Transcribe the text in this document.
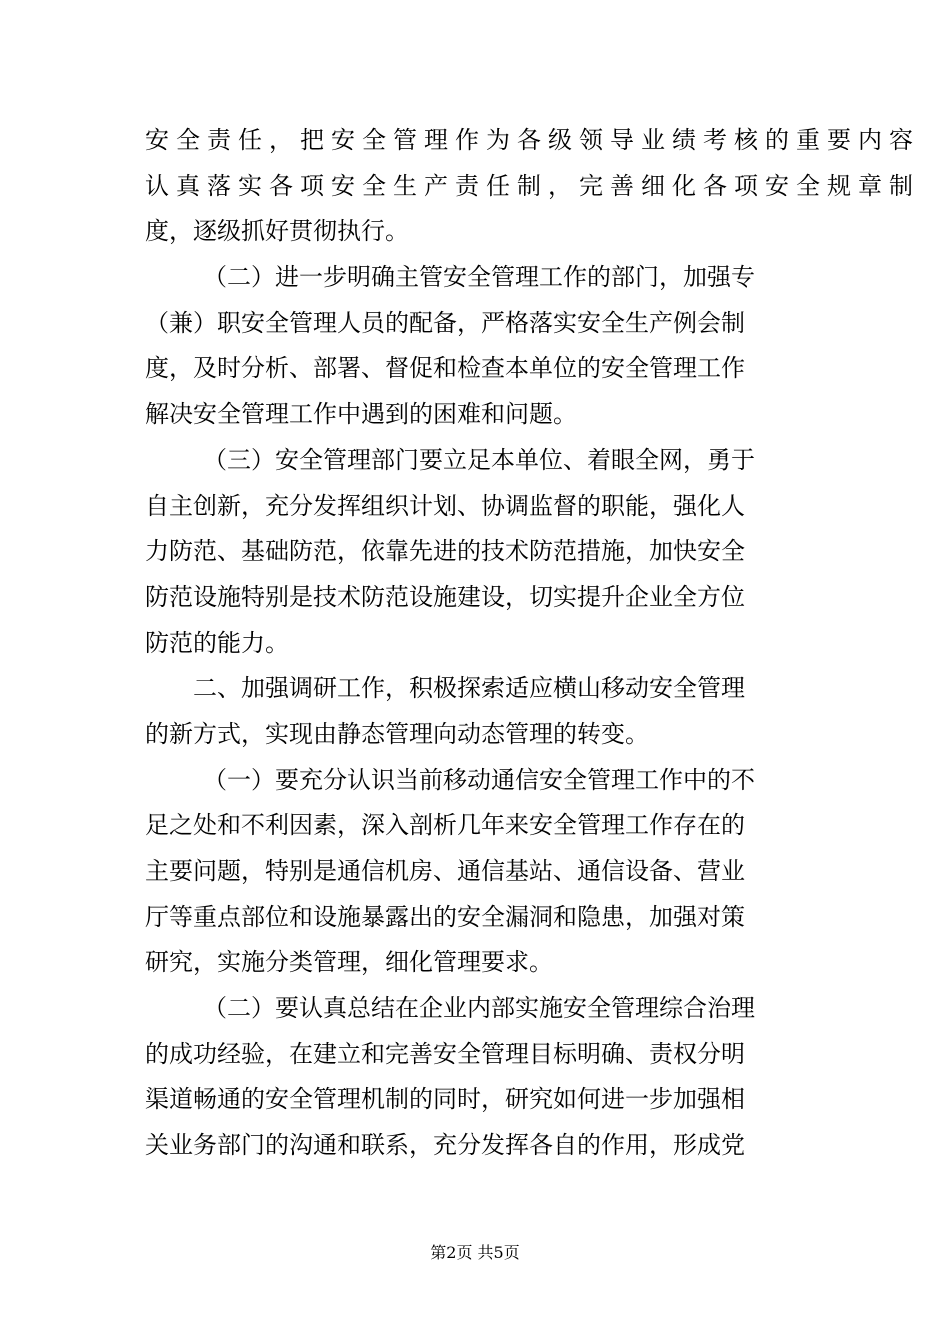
安全责任，把安全管理作为各级领导业绩考核的重要内容
认真落实各项安全生产责任制，完善细化各项安全规章制
度，逐级抓好贯彻执行。
（二）进一步明确主管安全管理工作的部门，加强专
（兼）职安全管理人员的配备，严格落实安全生产例会制
度，及时分析、部署、督促和检查本单位的安全管理工作
解决安全管理工作中遇到的困难和问题。
（三）安全管理部门要立足本单位、着眼全网，勇于
自主创新，充分发挥组织计划、协调监督的职能，强化人
力防范、基础防范，依靠先进的技术防范措施，加快安全
防范设施特别是技术防范设施建设，切实提升企业全方位
防范的能力。
二、加强调研工作，积极探索适应横山移动安全管理
的新方式，实现由静态管理向动态管理的转变。
（一）要充分认识当前移动通信安全管理工作中的不
足之处和不利因素，深入剖析几年来安全管理工作存在的
主要问题，特别是通信机房、通信基站、通信设备、营业
厅等重点部位和设施暴露出的安全漏洞和隐患，加强对策
研究，实施分类管理，细化管理要求。
（二）要认真总结在企业内部实施安全管理综合治理
的成功经验，在建立和完善安全管理目标明确、责权分明
渠道畅通的安全管理机制的同时，研究如何进一步加强相
关业务部门的沟通和联系，充分发挥各自的作用，形成党
第2页 共5页
